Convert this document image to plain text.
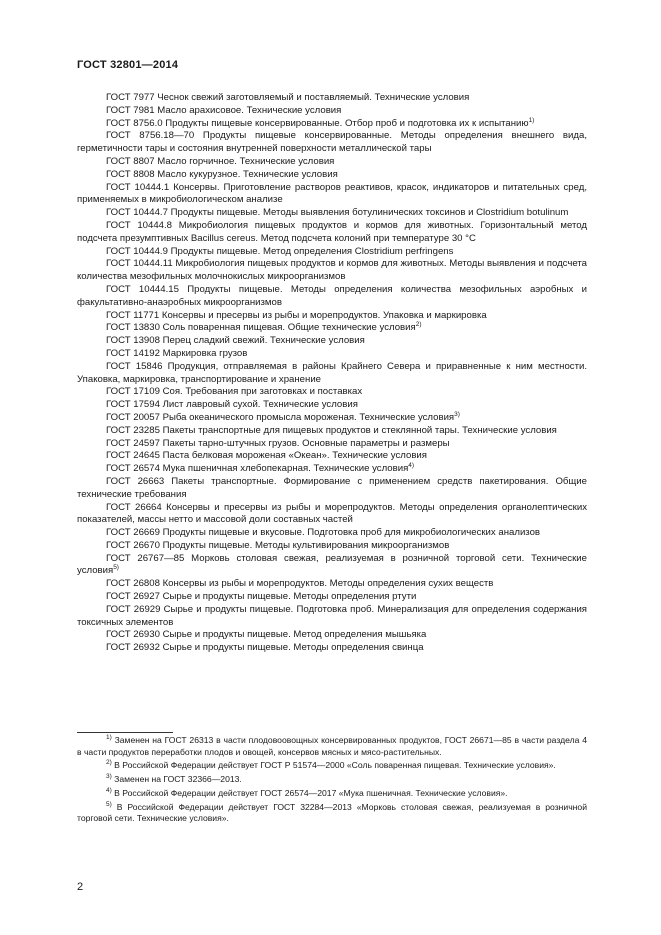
ГОСТ 32801—2014

ГОСТ 7977 Чеснок свежий заготовляемый и поставляемый. Технические условия

ГОСТ 7981 Масло арахисовое. Технические условия

ГОСТ 8756.0 Продукты пищевые консервированные. Отбор проб и подготовка их к испытанию$^{1)}$

ГОСТ 8756.18—70 Продукты пищевые консервированные. Методы определения внешнего вида, герметичности тары и состояния внутренней поверхности металлической тары

ГОСТ 8807 Масло горчичное. Технические условия

ГОСТ 8808 Масло кукурузное. Технические условия

ГОСТ 10444.1 Консервы. Приготовление растворов реактивов, красок, индикаторов и питательных сред, применяемых в микробиологическом анализе

ГОСТ 10444.7 Продукты пищевые. Методы выявления ботулинических токсинов и Clostridium botulinum

ГОСТ 10444.8 Микробиология пищевых продуктов и кормов для животных. Горизонтальный метод подсчета презумптивных Bacillus cereus. Метод подсчета колоний при температуре 30 °C

ГОСТ 10444.9 Продукты пищевые. Метод определения Clostridium perfringens

ГОСТ 10444.11 Микробиология пищевых продуктов и кормов для животных. Методы выявления и подсчета количества мезофильных молочнокислых микроорганизмов

ГОСТ 10444.15 Продукты пищевые. Методы определения количества мезофильных аэробных и факультативно-анаэробных микроорганизмов

ГОСТ 11771 Консервы и пресервы из рыбы и морепродуктов. Упаковка и маркировка

ГОСТ 13830 Соль поваренная пищевая. Общие технические условия$^{2)}$

ГОСТ 13908 Перец сладкий свежий. Технические условия

ГОСТ 14192 Маркировка грузов

ГОСТ 15846 Продукция, отправляемая в районы Крайнего Севера и приравненные к ним местности. Упаковка, маркировка, транспортирование и хранение

ГОСТ 17109 Соя. Требования при заготовках и поставках

ГОСТ 17594 Лист лавровый сухой. Технические условия

ГОСТ 20057 Рыба океанического промысла мороженая. Технические условия$^{3)}$

ГОСТ 23285 Пакеты транспортные для пищевых продуктов и стеклянной тары. Технические условия

ГОСТ 24597 Пакеты тарно-штучных грузов. Основные параметры и размеры

ГОСТ 24645 Паста белковая мороженая «Океан». Технические условия

ГОСТ 26574 Мука пшеничная хлебопекарная. Технические условия$^{4)}$

ГОСТ 26663 Пакеты транспортные. Формирование с применением средств пакетирования. Общие технические требования

ГОСТ 26664 Консервы и пресервы из рыбы и морепродуктов. Методы определения органолептических показателей, массы нетто и массовой доли составных частей

ГОСТ 26669 Продукты пищевые и вкусовые. Подготовка проб для микробиологических анализов

ГОСТ 26670 Продукты пищевые. Методы культивирования микроорганизмов

ГОСТ 26767—85 Морковь столовая свежая, реализуемая в розничной торговой сети. Технические условия$^{5)}$

ГОСТ 26808 Консервы из рыбы и морепродуктов. Методы определения сухих веществ

ГОСТ 26927 Сырье и продукты пищевые. Методы определения ртути

ГОСТ 26929 Сырье и продукты пищевые. Подготовка проб. Минерализация для определения содержания токсичных элементов

ГОСТ 26930 Сырье и продукты пищевые. Метод определения мышьяка

ГОСТ 26932 Сырье и продукты пищевые. Методы определения свинца

$^{1)}$ Заменен на ГОСТ 26313 в части плодовоовощных консервированных продуктов, ГОСТ 26671—85 в части раздела 4 в части продуктов переработки плодов и овощей, консервов мясных и мясо-растительных.

$^{2)}$ В Российской Федерации действует ГОСТ Р 51574—2000 «Соль поваренная пищевая. Технические условия».

$^{3)}$ Заменен на ГОСТ 32366—2013.

$^{4)}$ В Российской Федерации действует ГОСТ 26574—2017 «Мука пшеничная. Технические условия».

$^{5)}$ В Российской Федерации действует ГОСТ 32284—2013 «Морковь столовая свежая, реализуемая в розничной торговой сети. Технические условия».

2
